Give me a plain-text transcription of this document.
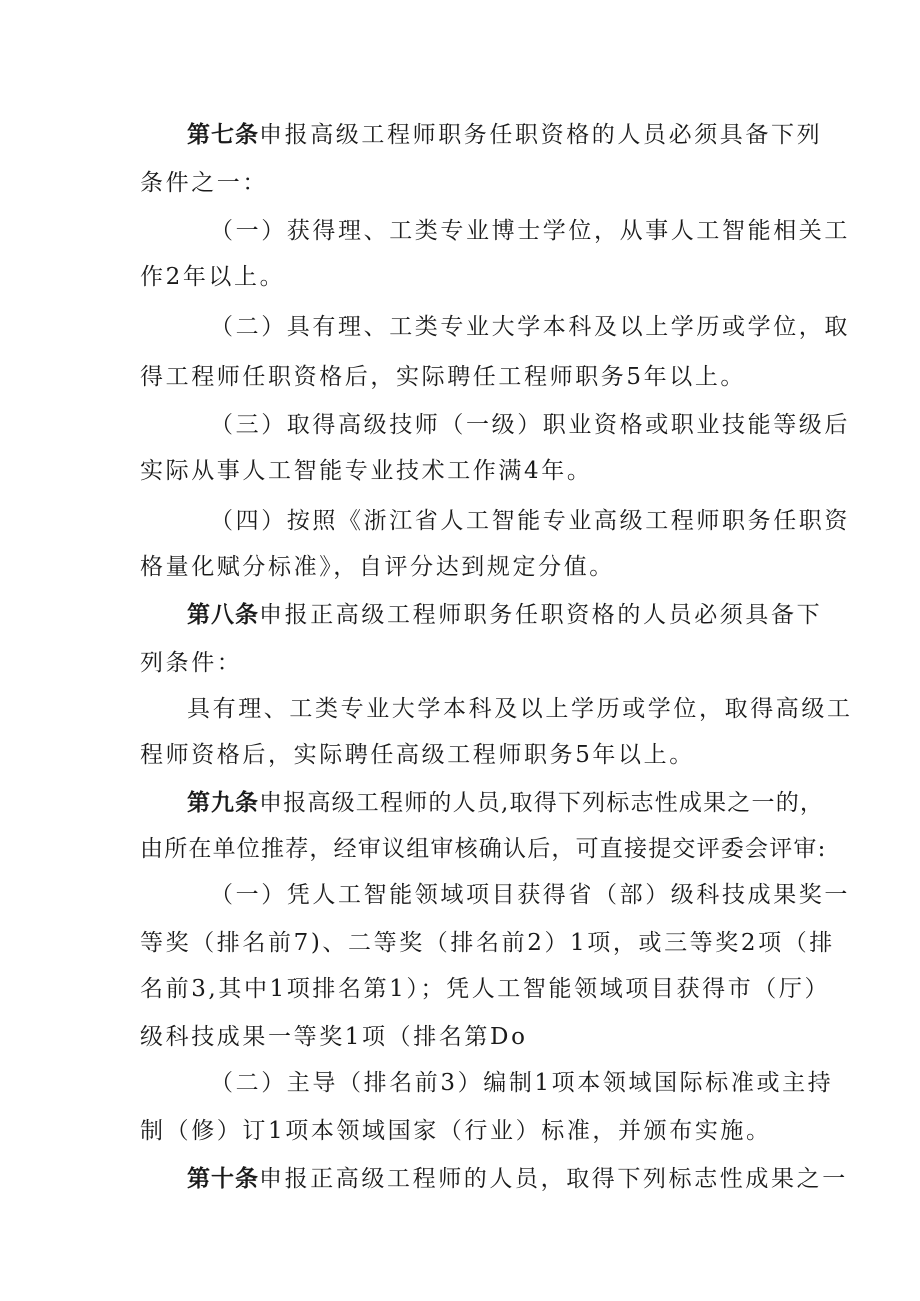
第七条申报高级工程师职务任职资格的人员必须具备下列
条件之一：
（一）获得理、工类专业博士学位，从事人工智能相关工
作2年以上。
（二）具有理、工类专业大学本科及以上学历或学位，取
得工程师任职资格后，实际聘任工程师职务5年以上。
（三）取得高级技师（一级）职业资格或职业技能等级后
实际从事人工智能专业技术工作满4年。
（四）按照《浙江省人工智能专业高级工程师职务任职资
格量化赋分标准》，自评分达到规定分值。
第八条申报正高级工程师职务任职资格的人员必须具备下
列条件：
具有理、工类专业大学本科及以上学历或学位，取得高级工
程师资格后，实际聘任高级工程师职务5年以上。
第九条申报高级工程师的人员,取得下列标志性成果之一的，
由所在单位推荐，经审议组审核确认后，可直接提交评委会评审:
（一）凭人工智能领域项目获得省（部）级科技成果奖一
等奖（排名前7)、二等奖（排名前2）1项，或三等奖2项（排
名前3,其中1项排名第1）；凭人工智能领域项目获得市（厅）
级科技成果一等奖1项（排名第Do
（二）主导（排名前3）编制1项本领域国际标准或主持
制（修）订1项本领域国家（行业）标准，并颁布实施。
第十条申报正高级工程师的人员，取得下列标志性成果之一
